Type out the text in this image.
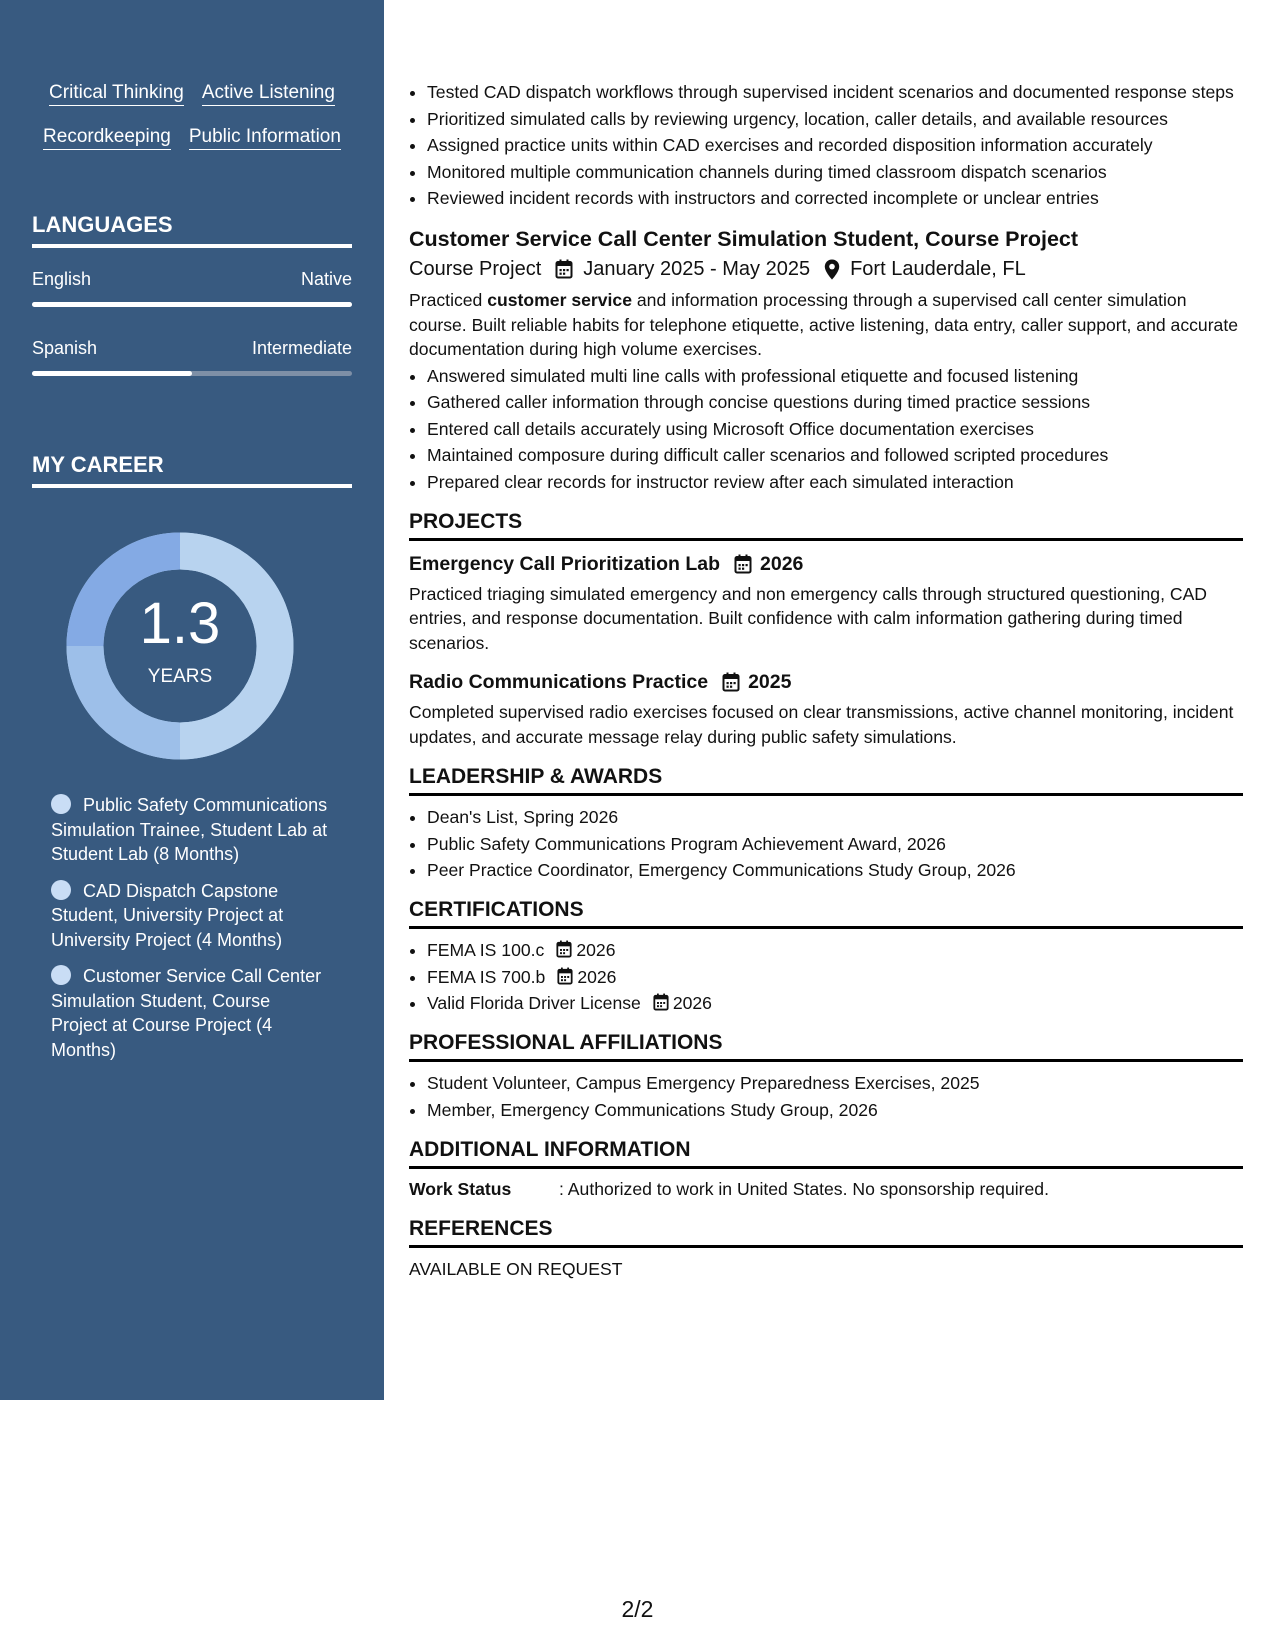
Critical Thinking Active Listening
Recordkeeping Public Information
LANGUAGES
English	Native
Spanish	Intermediate
MY CAREER
1.3
YEARS
Public Safety Communications Simulation Trainee, Student Lab at Student Lab (8 Months)
CAD Dispatch Capstone Student, University Project at University Project (4 Months)
Customer Service Call Center Simulation Student, Course Project at Course Project (4 Months)
• Tested CAD dispatch workflows through supervised incident scenarios and documented response steps
• Prioritized simulated calls by reviewing urgency, location, caller details, and available resources
• Assigned practice units within CAD exercises and recorded disposition information accurately
• Monitored multiple communication channels during timed classroom dispatch scenarios
• Reviewed incident records with instructors and corrected incomplete or unclear entries
Customer Service Call Center Simulation Student, Course Project
Course Project January 2025 - May 2025 Fort Lauderdale, FL
Practiced customer service and information processing through a supervised call center simulation course. Built reliable habits for telephone etiquette, active listening, data entry, caller support, and accurate documentation during high volume exercises.
• Answered simulated multi line calls with professional etiquette and focused listening
• Gathered caller information through concise questions during timed practice sessions
• Entered call details accurately using Microsoft Office documentation exercises
• Maintained composure during difficult caller scenarios and followed scripted procedures
• Prepared clear records for instructor review after each simulated interaction
PROJECTS
Emergency Call Prioritization Lab 2026
Practiced triaging simulated emergency and non emergency calls through structured questioning, CAD entries, and response documentation. Built confidence with calm information gathering during timed scenarios.
Radio Communications Practice 2025
Completed supervised radio exercises focused on clear transmissions, active channel monitoring, incident updates, and accurate message relay during public safety simulations.
LEADERSHIP & AWARDS
• Dean's List, Spring 2026
• Public Safety Communications Program Achievement Award, 2026
• Peer Practice Coordinator, Emergency Communications Study Group, 2026
CERTIFICATIONS
• FEMA IS 100.c 2026
• FEMA IS 700.b 2026
• Valid Florida Driver License 2026
PROFESSIONAL AFFILIATIONS
• Student Volunteer, Campus Emergency Preparedness Exercises, 2025
• Member, Emergency Communications Study Group, 2026
ADDITIONAL INFORMATION
Work Status	: Authorized to work in United States. No sponsorship required.
REFERENCES
AVAILABLE ON REQUEST
2/2
